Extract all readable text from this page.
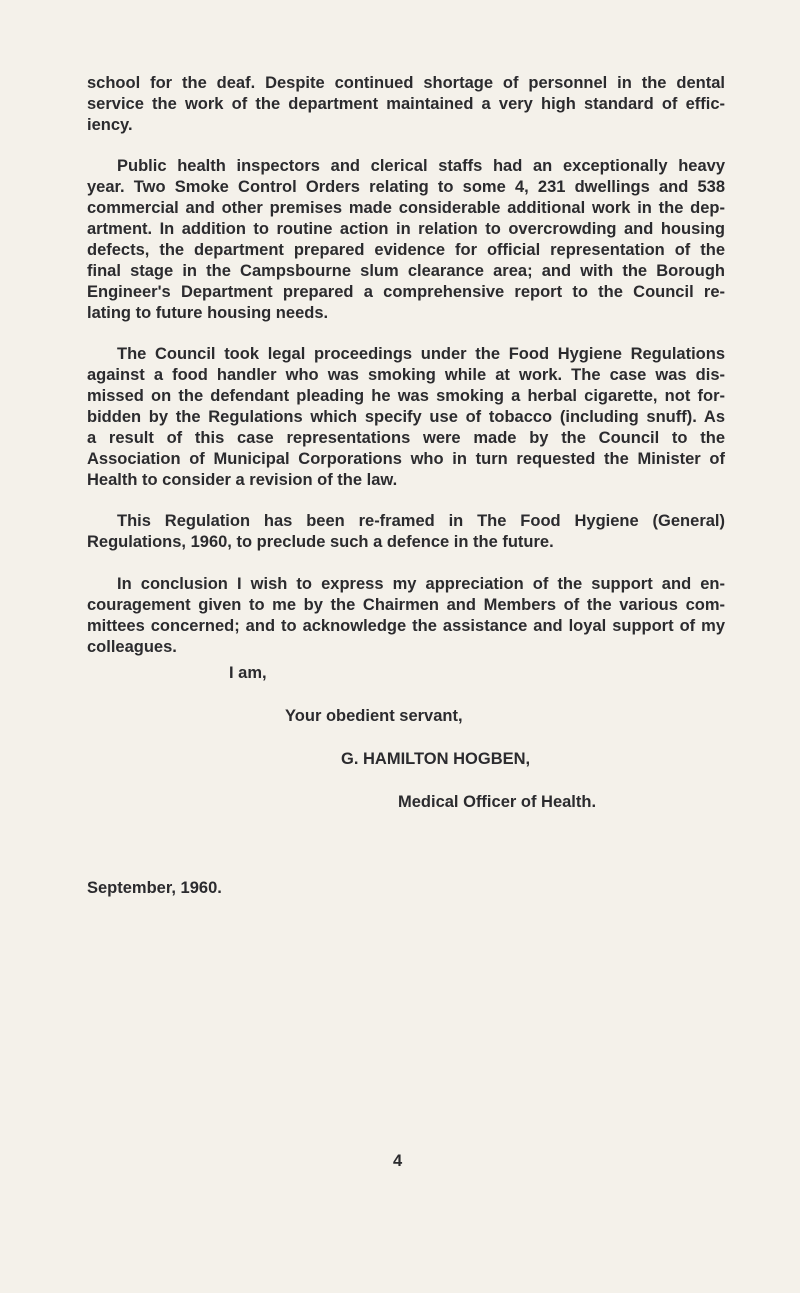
school for the deaf. Despite continued shortage of personnel in the dental
service the work of the department maintained a very high standard of effic-
iency.
Public health inspectors and clerical staffs had an exceptionally heavy
year. Two Smoke Control Orders relating to some 4, 231 dwellings and 538
commercial and other premises made considerable additional work in the dep-
artment. In addition to routine action in relation to overcrowding and housing
defects, the department prepared evidence for official representation of the
final stage in the Campsbourne slum clearance area; and with the Borough
Engineer's Department prepared a comprehensive report to the Council re-
lating to future housing needs.
The Council took legal proceedings under the Food Hygiene Regulations
against a food handler who was smoking while at work. The case was dis-
missed on the defendant pleading he was smoking a herbal cigarette, not for-
bidden by the Regulations which specify use of tobacco (including snuff). As
a result of this case representations were made by the Council to the
Association of Municipal Corporations who in turn requested the Minister of
Health to consider a revision of the law.
This Regulation has been re-framed in The Food Hygiene (General)
Regulations, 1960, to preclude such a defence in the future.
In conclusion I wish to express my appreciation of the support and en-
couragement given to me by the Chairmen and Members of the various com-
mittees concerned; and to acknowledge the assistance and loyal support of my
colleagues.
I am,
Your obedient servant,
G. HAMILTON HOGBEN,
Medical Officer of Health.
September, 1960.
4
